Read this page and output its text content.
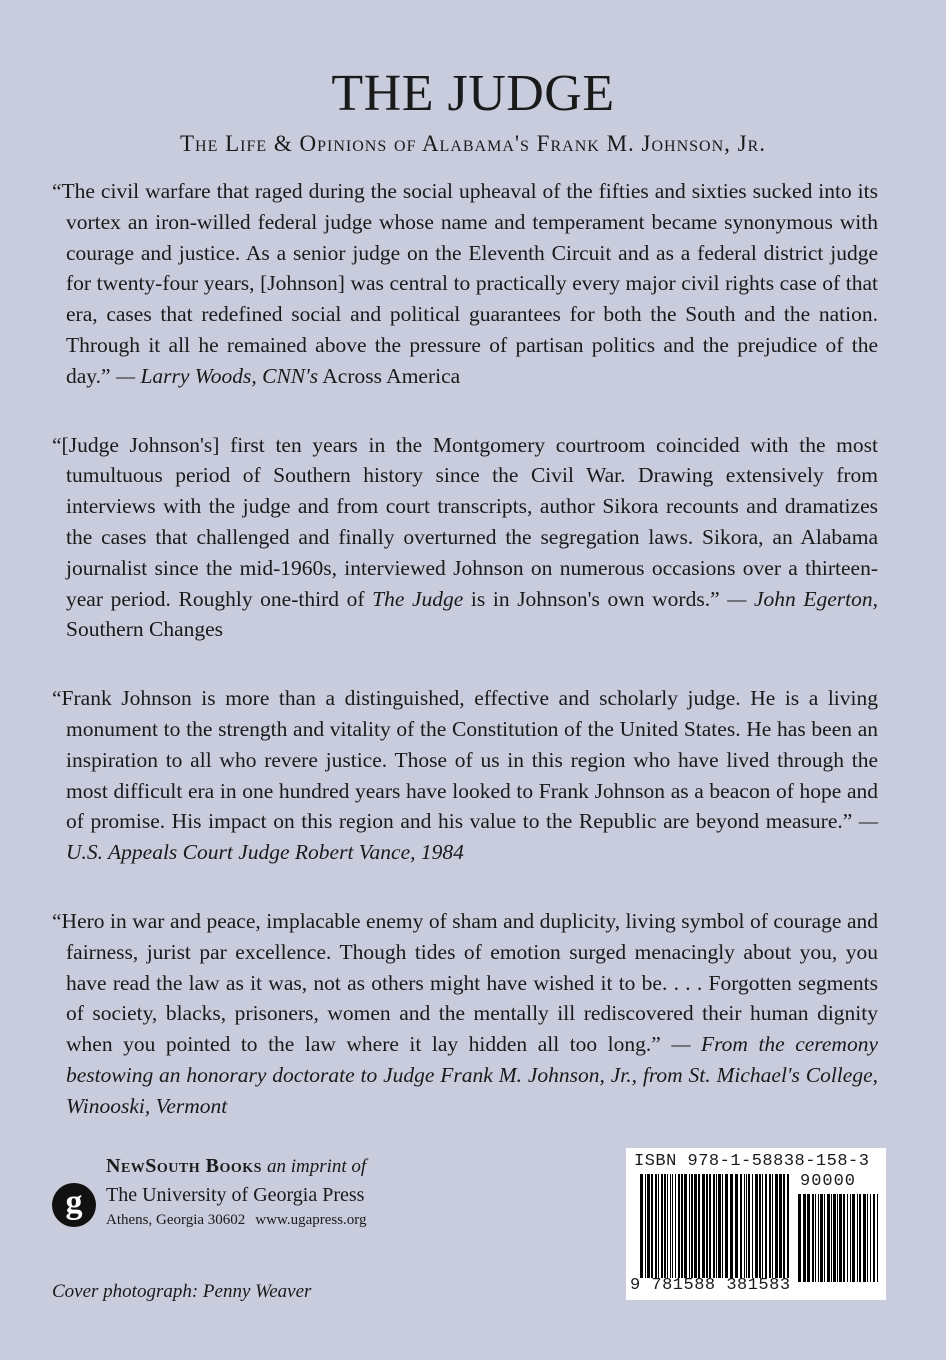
THE JUDGE
The Life & Opinions of Alabama's Frank M. Johnson, Jr.

“The civil warfare that raged during the social upheaval of the fifties and sixties sucked into its vortex an iron-willed federal judge whose name and temperament became synonymous with courage and justice. As a senior judge on the Eleventh Circuit and as a federal district judge for twenty-four years, [Johnson] was central to practically every major civil rights case of that era, cases that redefined social and political guarantees for both the South and the nation. Through it all he remained above the pressure of partisan politics and the prejudice of the day.” — Larry Woods, CNN's Across America

“[Judge Johnson's] first ten years in the Montgomery courtroom coincided with the most tumultuous period of Southern history since the Civil War. Drawing extensively from interviews with the judge and from court transcripts, author Sikora recounts and dramatizes the cases that challenged and finally overturned the segregation laws. Sikora, an Alabama journalist since the mid-1960s, interviewed Johnson on numerous occasions over a thirteen-year period. Roughly one-third of The Judge is in Johnson's own words.” — John Egerton, Southern Changes

“Frank Johnson is more than a distinguished, effective and scholarly judge. He is a living monument to the strength and vitality of the Constitution of the United States. He has been an inspiration to all who revere justice. Those of us in this region who have lived through the most difficult era in one hundred years have looked to Frank Johnson as a beacon of hope and of promise. His impact on this region and his value to the Republic are beyond measure.” — U.S. Appeals Court Judge Robert Vance, 1984

“Hero in war and peace, implacable enemy of sham and duplicity, living symbol of courage and fairness, jurist par excellence. Though tides of emotion surged menacingly about you, you have read the law as it was, not as others might have wished it to be. . . . Forgotten segments of society, blacks, prisoners, women and the mentally ill rediscovered their human dignity when you pointed to the law where it lay hidden all too long.” — From the ceremony bestowing an honorary doctorate to Judge Frank M. Johnson, Jr., from St. Michael's College, Winooski, Vermont

g
NewSouth Books an imprint of
The University of Georgia Press
Athens, Georgia 30602 www.ugapress.org
Cover photograph: Penny Weaver
ISBN 978-1-58838-158-3
90000
9 781588 381583
